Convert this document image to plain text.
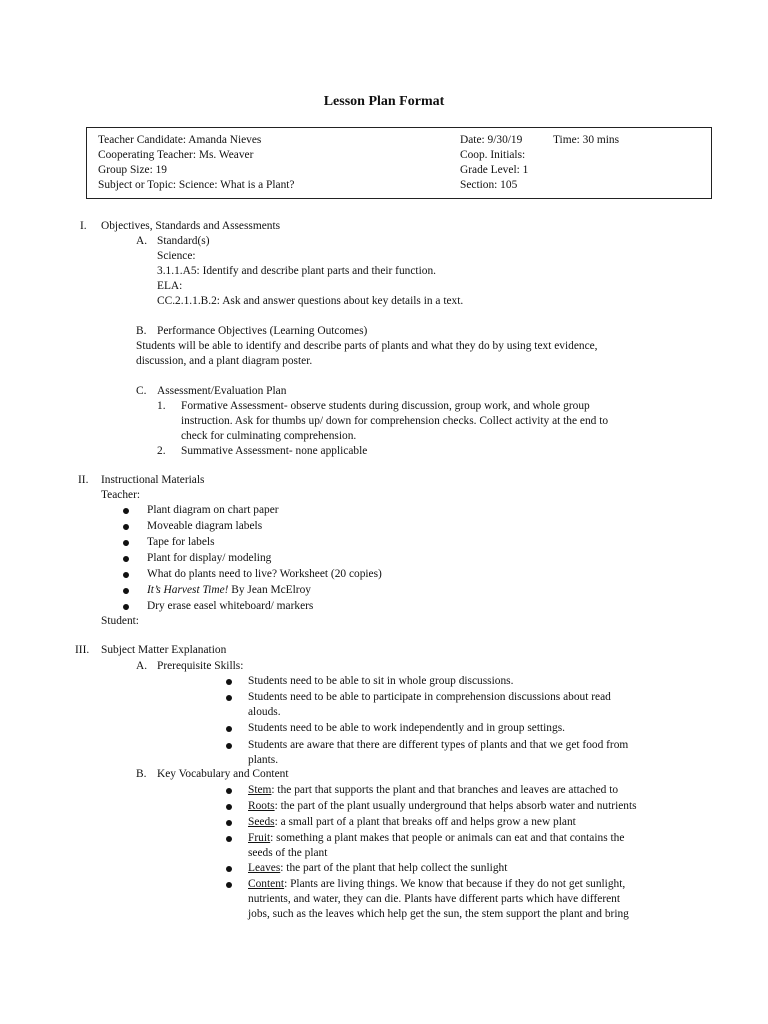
Lesson Plan Format
Teacher Candidate: Amanda Nieves
Cooperating Teacher: Ms. Weaver
Group Size: 19
Subject or Topic: Science: What is a Plant?
Date: 9/30/19	Time: 30 mins
Coop. Initials:
Grade Level: 1
Section: 105
I. Objectives, Standards and Assessments
A. Standard(s)
Science:
3.1.1.A5: Identify and describe plant parts and their function.
ELA:
CC.2.1.1.B.2: Ask and answer questions about key details in a text.
B. Performance Objectives (Learning Outcomes)
Students will be able to identify and describe parts of plants and what they do by using text evidence,
discussion, and a plant diagram poster.
C. Assessment/Evaluation Plan
1. Formative Assessment- observe students during discussion, group work, and whole group
instruction. Ask for thumbs up/ down for comprehension checks. Collect activity at the end to
check for culminating comprehension.
2. Summative Assessment- none applicable
II. Instructional Materials
Teacher:
Plant diagram on chart paper
Moveable diagram labels
Tape for labels
Plant for display/ modeling
What do plants need to live? Worksheet (20 copies)
It’s Harvest Time! By Jean McElroy
Dry erase easel whiteboard/ markers
Student:
III. Subject Matter Explanation
A. Prerequisite Skills:
Students need to be able to sit in whole group discussions.
Students need to be able to participate in comprehension discussions about read
alouds.
Students need to be able to work independently and in group settings.
Students are aware that there are different types of plants and that we get food from
plants.
B. Key Vocabulary and Content
Stem: the part that supports the plant and that branches and leaves are attached to
Roots: the part of the plant usually underground that helps absorb water and nutrients
Seeds: a small part of a plant that breaks off and helps grow a new plant
Fruit: something a plant makes that people or animals can eat and that contains the
seeds of the plant
Leaves: the part of the plant that help collect the sunlight
Content: Plants are living things. We know that because if they do not get sunlight,
nutrients, and water, they can die. Plants have different parts which have different
jobs, such as the leaves which help get the sun, the stem support the plant and bring
